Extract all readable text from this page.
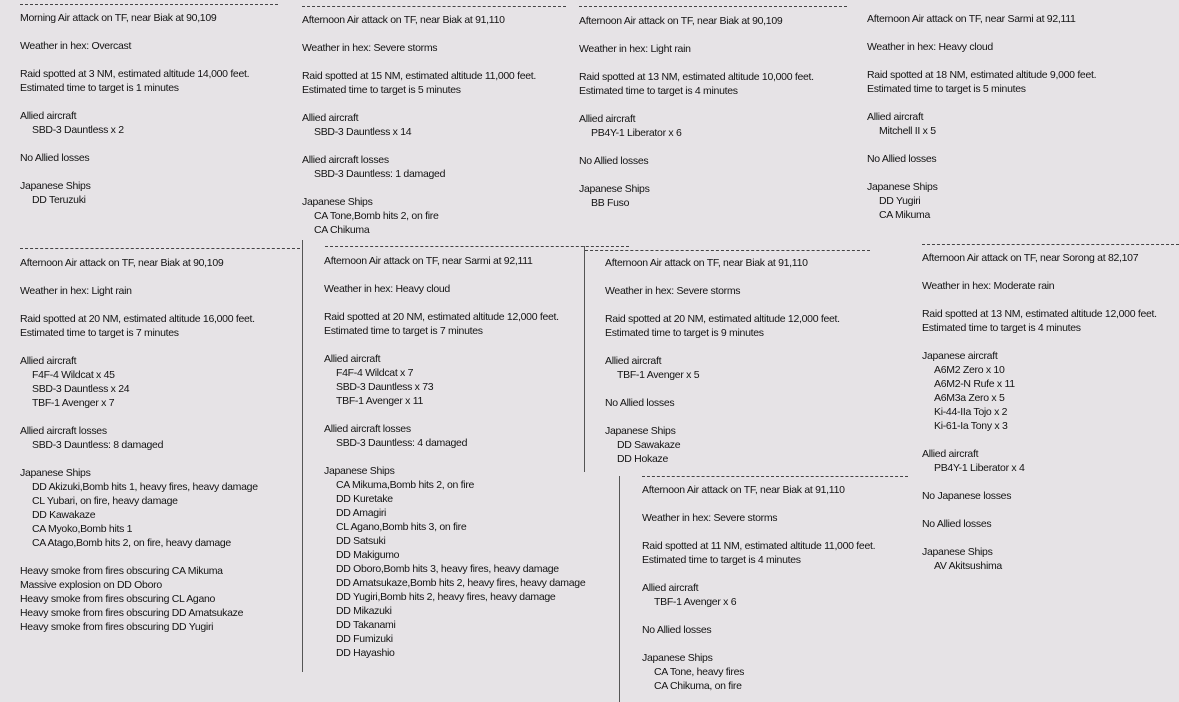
Morning Air attack on TF, near Biak at 90,109
Weather in hex: Overcast
Raid spotted at 3 NM, estimated altitude 14,000 feet.
Estimated time to target is 1 minutes
Allied aircraft
SBD-3 Dauntless x 2
No Allied losses
Japanese Ships
DD Teruzuki
Afternoon Air attack on TF, near Biak at 91,110
Weather in hex: Severe storms
Raid spotted at 15 NM, estimated altitude 11,000 feet.
Estimated time to target is 5 minutes
Allied aircraft
SBD-3 Dauntless x 14
Allied aircraft losses
SBD-3 Dauntless: 1 damaged
Japanese Ships
CA Tone,Bomb hits 2, on fire
CA Chikuma
Afternoon Air attack on TF, near Biak at 90,109
Weather in hex: Light rain
Raid spotted at 13 NM, estimated altitude 10,000 feet.
Estimated time to target is 4 minutes
Allied aircraft
PB4Y-1 Liberator x 6
No Allied losses
Japanese Ships
BB Fuso
Afternoon Air attack on TF, near Sarmi at 92,111
Weather in hex: Heavy cloud
Raid spotted at 18 NM, estimated altitude 9,000 feet.
Estimated time to target is 5 minutes
Allied aircraft
Mitchell II x 5
No Allied losses
Japanese Ships
DD Yugiri
CA Mikuma
Afternoon Air attack on TF, near Biak at 90,109
Weather in hex: Light rain
Raid spotted at 20 NM, estimated altitude 16,000 feet.
Estimated time to target is 7 minutes
Allied aircraft
F4F-4 Wildcat x 45
SBD-3 Dauntless x 24
TBF-1 Avenger x 7
Allied aircraft losses
SBD-3 Dauntless: 8 damaged
Japanese Ships
DD Akizuki,Bomb hits 1, heavy fires, heavy damage
CL Yubari, on fire, heavy damage
DD Kawakaze
CA Myoko,Bomb hits 1
CA Atago,Bomb hits 2, on fire, heavy damage
Heavy smoke from fires obscuring CA Mikuma
Massive explosion on DD Oboro
Heavy smoke from fires obscuring CL Agano
Heavy smoke from fires obscuring DD Amatsukaze
Heavy smoke from fires obscuring DD Yugiri
Afternoon Air attack on TF, near Sarmi at 92,111
Weather in hex: Heavy cloud
Raid spotted at 20 NM, estimated altitude 12,000 feet.
Estimated time to target is 7 minutes
Allied aircraft
F4F-4 Wildcat x 7
SBD-3 Dauntless x 73
TBF-1 Avenger x 11
Allied aircraft losses
SBD-3 Dauntless: 4 damaged
Japanese Ships
CA Mikuma,Bomb hits 2, on fire
DD Kuretake
DD Amagiri
CL Agano,Bomb hits 3, on fire
DD Satsuki
DD Makigumo
DD Oboro,Bomb hits 3, heavy fires, heavy damage
DD Amatsukaze,Bomb hits 2, heavy fires, heavy damage
DD Yugiri,Bomb hits 2, heavy fires, heavy damage
DD Mikazuki
DD Takanami
DD Fumizuki
DD Hayashio
Afternoon Air attack on TF, near Biak at 91,110
Weather in hex: Severe storms
Raid spotted at 20 NM, estimated altitude 12,000 feet.
Estimated time to target is 9 minutes
Allied aircraft
TBF-1 Avenger x 5
No Allied losses
Japanese Ships
DD Sawakaze
DD Hokaze
Afternoon Air attack on TF, near Biak at 91,110
Weather in hex: Severe storms
Raid spotted at 11 NM, estimated altitude 11,000 feet.
Estimated time to target is 4 minutes
Allied aircraft
TBF-1 Avenger x 6
No Allied losses
Japanese Ships
CA Tone, heavy fires
CA Chikuma, on fire
Afternoon Air attack on TF, near Sorong at 82,107
Weather in hex: Moderate rain
Raid spotted at 13 NM, estimated altitude 12,000 feet.
Estimated time to target is 4 minutes
Japanese aircraft
A6M2 Zero x 10
A6M2-N Rufe x 11
A6M3a Zero x 5
Ki-44-IIa Tojo x 2
Ki-61-Ia Tony x 3
Allied aircraft
PB4Y-1 Liberator x 4
No Japanese losses
No Allied losses
Japanese Ships
AV Akitsushima
